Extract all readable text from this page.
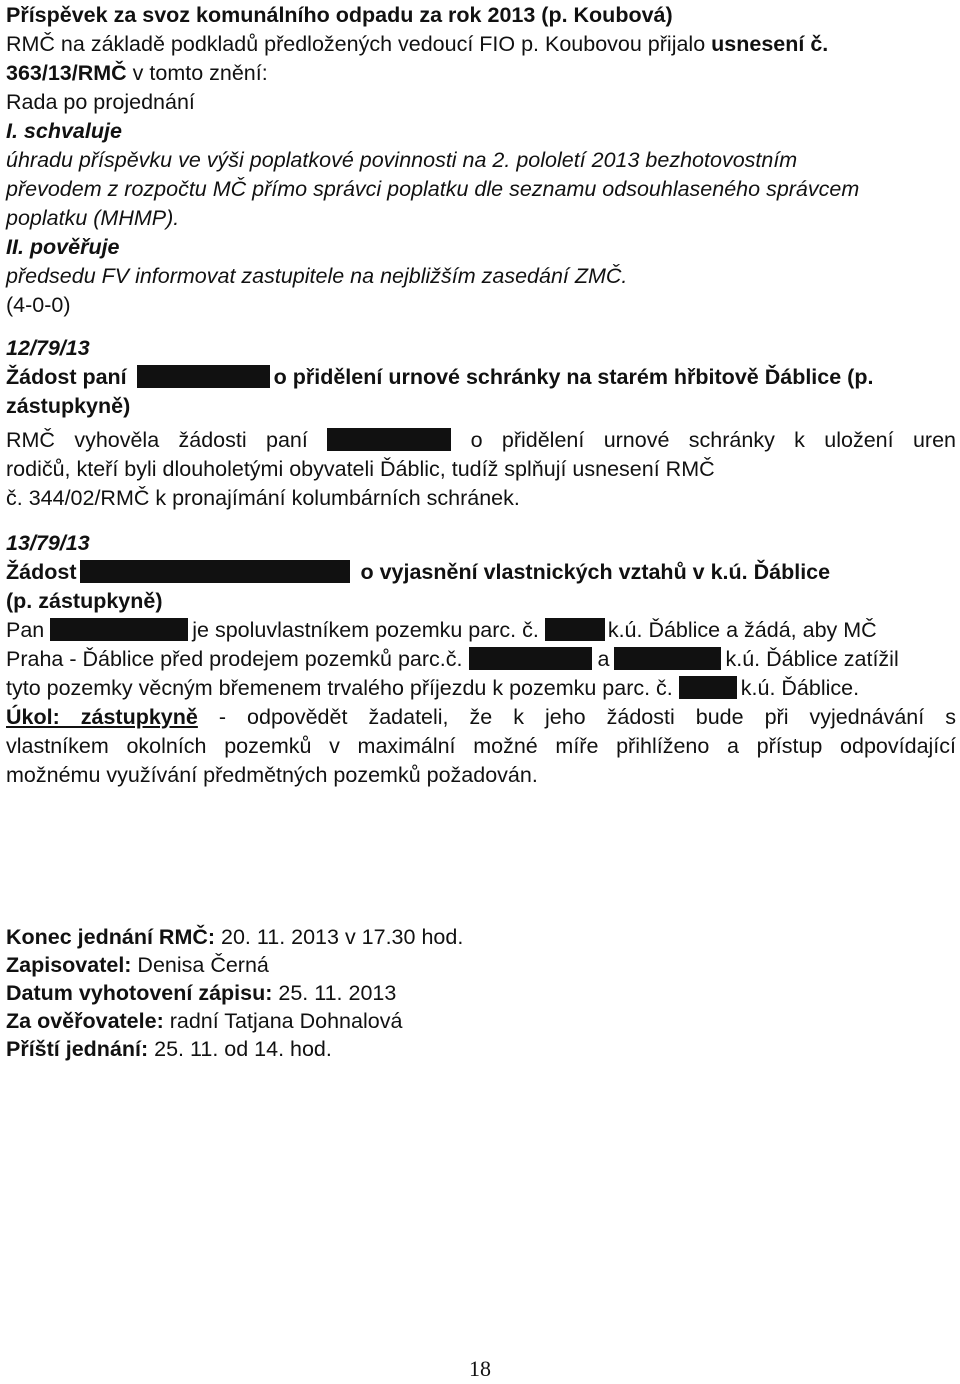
Příspěvek za svoz komunálního odpadu za rok 2013 (p. Koubová)
RMČ na základě podkladů předložených vedoucí FIO p. Koubovou přijalo usnesení č.
363/13/RMČ v tomto znění:
Rada po projednání
I. schvaluje
úhradu příspěvku ve výši poplatkové povinnosti na 2. pololetí 2013 bezhotovostním
převodem z rozpočtu MČ přímo správci poplatku dle seznamu odsouhlaseného správcem
poplatku (MHMP).
II. pověřuje
předsedu FV informovat zastupitele na nejbližším zasedání ZMČ.
(4-0-0)
12/79/13
Žádost paní	o přidělení urnové schránky na starém hřbitově Ďáblice (p.
zástupkyně)
RMČ vyhověla žádosti paní	o přidělení urnové schránky k uložení uren
rodičů, kteří byli dlouholetými obyvateli Ďáblic, tudíž splňují usnesení RMČ
č. 344/02/RMČ k pronajímání kolumbárních schránek.
13/79/13
Žádost	o vyjasnění vlastnických vztahů v k.ú. Ďáblice
(p. zástupkyně)
Pan	je spoluvlastníkem pozemku parc. č.	k.ú. Ďáblice a žádá, aby MČ
Praha - Ďáblice před prodejem pozemků parc.č.	a	k.ú. Ďáblice zatížil
tyto pozemky věcným břemenem trvalého příjezdu k pozemku parc. č.	k.ú. Ďáblice.
Úkol: zástupkyně - odpovědět žadateli, že k jeho žádosti bude při vyjednávání s
vlastníkem okolních pozemků v maximální možné míře přihlíženo a přístup odpovídající
možnému využívání předmětných pozemků požadován.
Konec jednání RMČ: 20. 11. 2013 v 17.30 hod.
Zapisovatel: Denisa Černá
Datum vyhotovení zápisu: 25. 11. 2013
Za ověřovatele: radní Tatjana Dohnalová
Příští jednání: 25. 11. od 14. hod.
18
